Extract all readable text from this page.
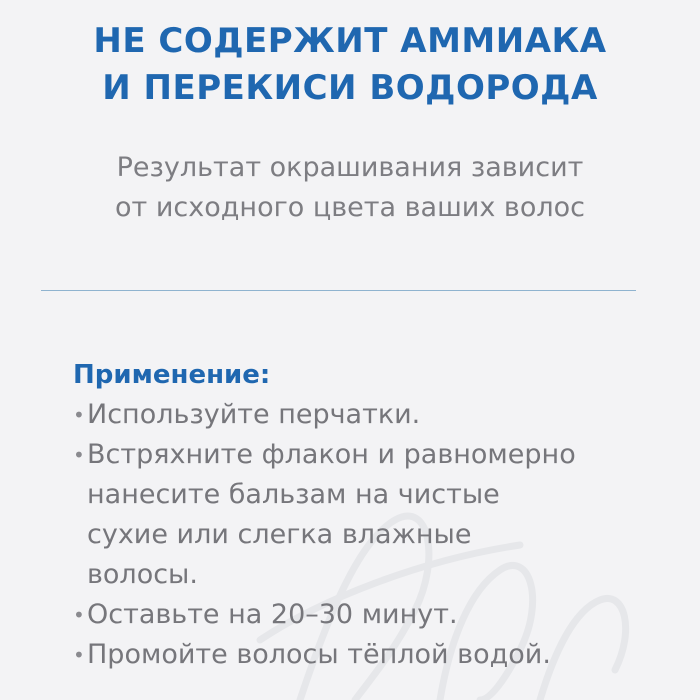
НЕ СОДЕРЖИТ АММИАКА
И ПЕРЕКИСИ ВОДОРОДА
Результат окрашивания зависит
от исходного цвета ваших волос
Применение:
• Используйте перчатки.
• Встряхните флакон и равномерно
нанесите бальзам на чистые
сухие или слегка влажные
волосы.
• Оставьте на 20–30 минут.
• Промойте волосы тёплой водой.
